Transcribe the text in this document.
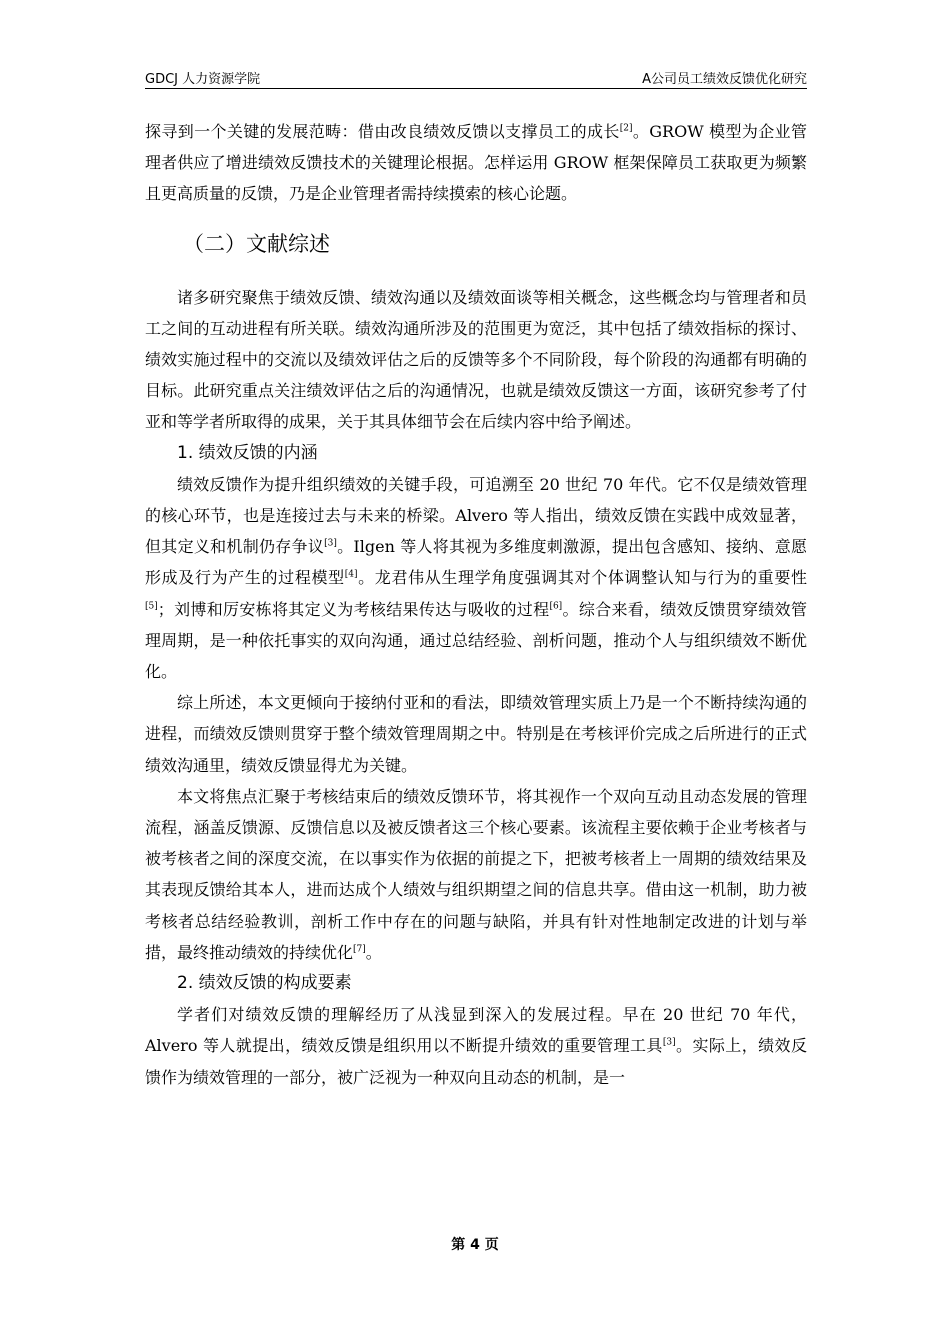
GDCJ 人力资源学院	A公司员工绩效反馈优化研究

探寻到一个关键的发展范畴：借由改良绩效反馈以支撑员工的成长[2]。GROW 模型为企业管理者供应了增进绩效反馈技术的关键理论根据。怎样运用 GROW 框架保障员工获取更为频繁且更高质量的反馈，乃是企业管理者需持续摸索的核心论题。

（二）文献综述

诸多研究聚焦于绩效反馈、绩效沟通以及绩效面谈等相关概念，这些概念均与管理者和员工之间的互动进程有所关联。绩效沟通所涉及的范围更为宽泛，其中包括了绩效指标的探讨、绩效实施过程中的交流以及绩效评估之后的反馈等多个不同阶段，每个阶段的沟通都有明确的目标。此研究重点关注绩效评估之后的沟通情况，也就是绩效反馈这一方面，该研究参考了付亚和等学者所取得的成果，关于其具体细节会在后续内容中给予阐述。

1. 绩效反馈的内涵

绩效反馈作为提升组织绩效的关键手段，可追溯至 20 世纪 70 年代。它不仅是绩效管理的核心环节，也是连接过去与未来的桥梁。Alvero 等人指出，绩效反馈在实践中成效显著，但其定义和机制仍存争议[3]。Ilgen 等人将其视为多维度刺激源，提出包含感知、接纳、意愿形成及行为产生的过程模型[4]。龙君伟从生理学角度强调其对个体调整认知与行为的重要性[5]；刘博和厉安栋将其定义为考核结果传达与吸收的过程[6]。综合来看，绩效反馈贯穿绩效管理周期，是一种依托事实的双向沟通，通过总结经验、剖析问题，推动个人与组织绩效不断优化。

综上所述，本文更倾向于接纳付亚和的看法，即绩效管理实质上乃是一个不断持续沟通的进程，而绩效反馈则贯穿于整个绩效管理周期之中。特别是在考核评价完成之后所进行的正式绩效沟通里，绩效反馈显得尤为关键。

本文将焦点汇聚于考核结束后的绩效反馈环节，将其视作一个双向互动且动态发展的管理流程，涵盖反馈源、反馈信息以及被反馈者这三个核心要素。该流程主要依赖于企业考核者与被考核者之间的深度交流，在以事实作为依据的前提之下，把被考核者上一周期的绩效结果及其表现反馈给其本人，进而达成个人绩效与组织期望之间的信息共享。借由这一机制，助力被考核者总结经验教训，剖析工作中存在的问题与缺陷，并具有针对性地制定改进的计划与举措，最终推动绩效的持续优化[7]。

2. 绩效反馈的构成要素

学者们对绩效反馈的理解经历了从浅显到深入的发展过程。早在 20 世纪 70 年代，Alvero 等人就提出，绩效反馈是组织用以不断提升绩效的重要管理工具[3]。实际上，绩效反馈作为绩效管理的一部分，被广泛视为一种双向且动态的机制，是一

第 4 页
